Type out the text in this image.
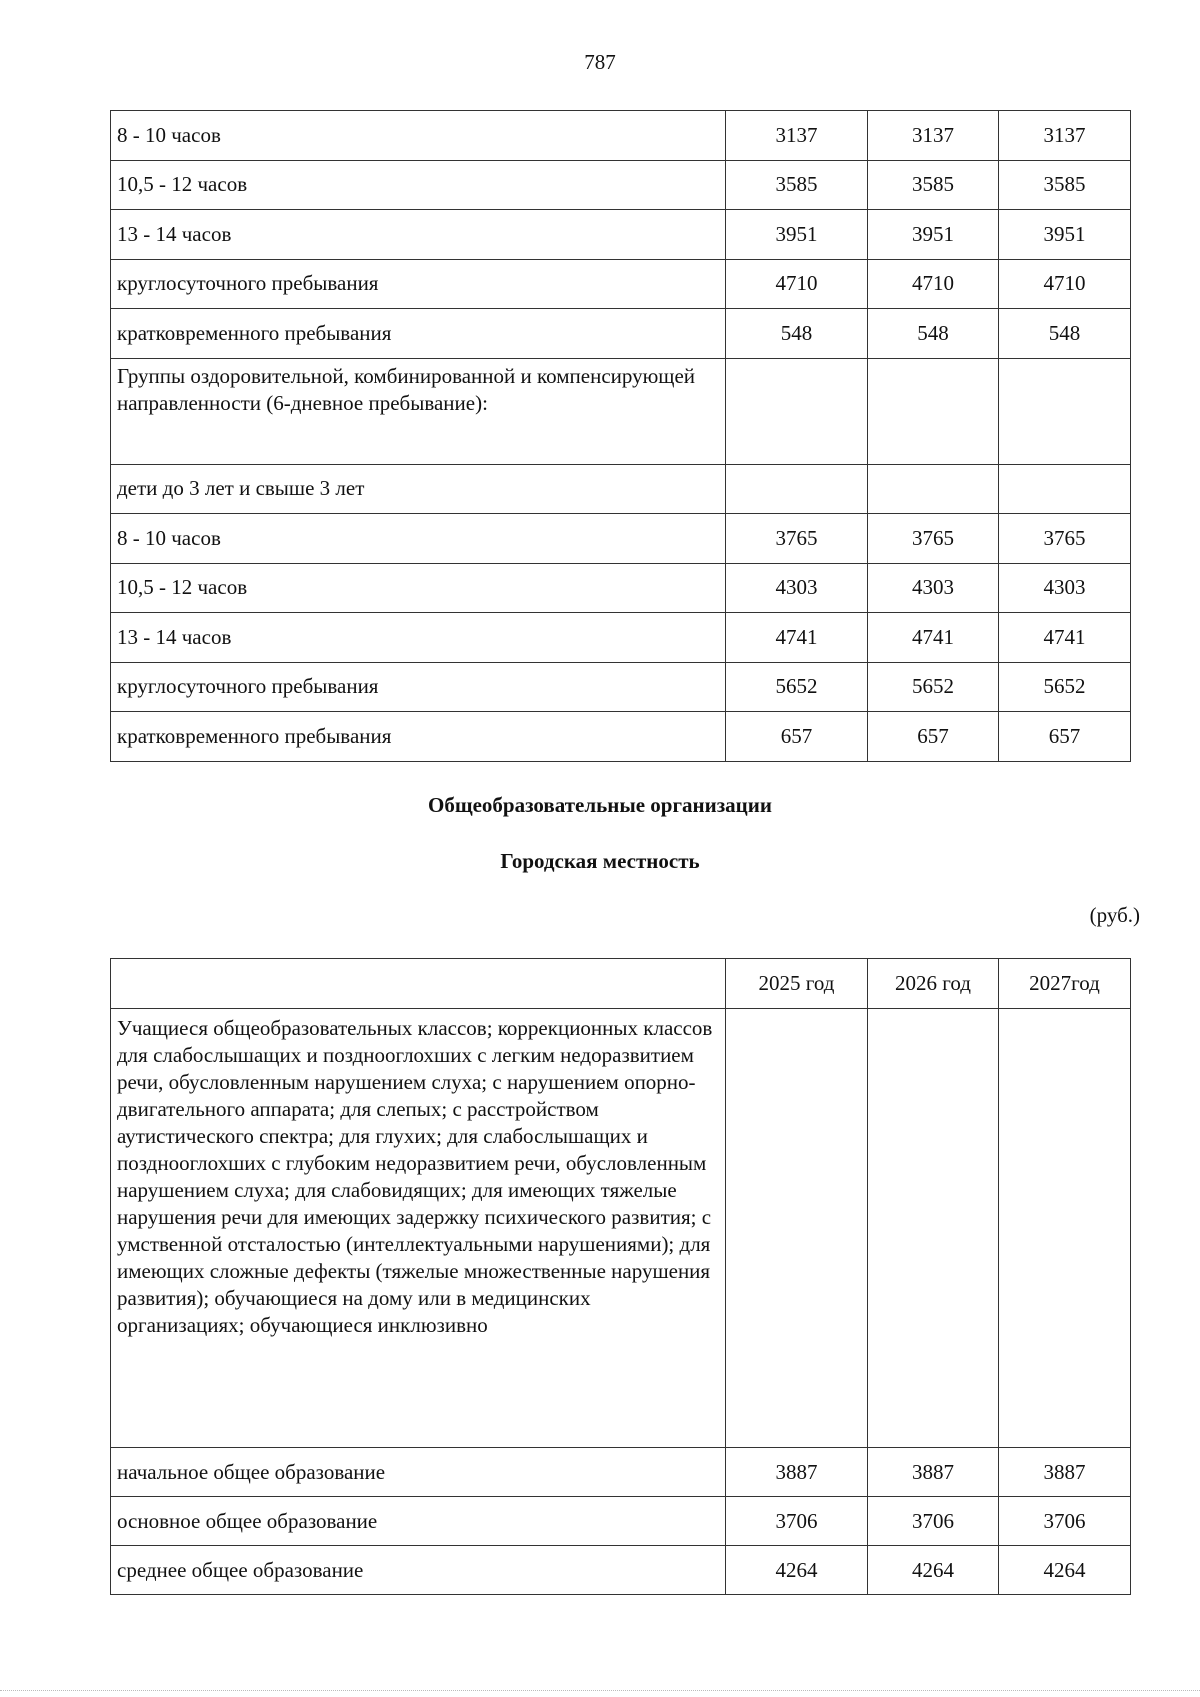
787
8 - 10 часов	3137	3137	3137
10,5 - 12 часов	3585	3585	3585
13 - 14 часов	3951	3951	3951
круглосуточного пребывания	4710	4710	4710
кратковременного пребывания	548	548	548
Группы оздоровительной, комбинированной и компенсирующей направленности (6-дневное пребывание):			
дети до 3 лет и свыше 3 лет			
8 - 10 часов	3765	3765	3765
10,5 - 12 часов	4303	4303	4303
13 - 14 часов	4741	4741	4741
круглосуточного пребывания	5652	5652	5652
кратковременного пребывания	657	657	657
Общеобразовательные организации
Городская местность
(руб.)
	2025 год	2026 год	2027год
Учащиеся общеобразовательных классов; коррекционных классов для слабослышащих и позднооглохших с легким недоразвитием речи, обусловленным нарушением слуха; с нарушением опорно-двигательного аппарата; для слепых; с расстройством аутистического спектра; для глухих; для слабослышащих и позднооглохших с глубоким недоразвитием речи, обусловленным нарушением слуха; для слабовидящих; для имеющих тяжелые нарушения речи для имеющих задержку психического развития; с умственной отсталостью (интеллектуальными нарушениями); для имеющих сложные дефекты (тяжелые множественные нарушения развития); обучающиеся на дому или в медицинских организациях; обучающиеся инклюзивно			
начальное общее образование	3887	3887	3887
основное общее образование	3706	3706	3706
среднее общее образование	4264	4264	4264
